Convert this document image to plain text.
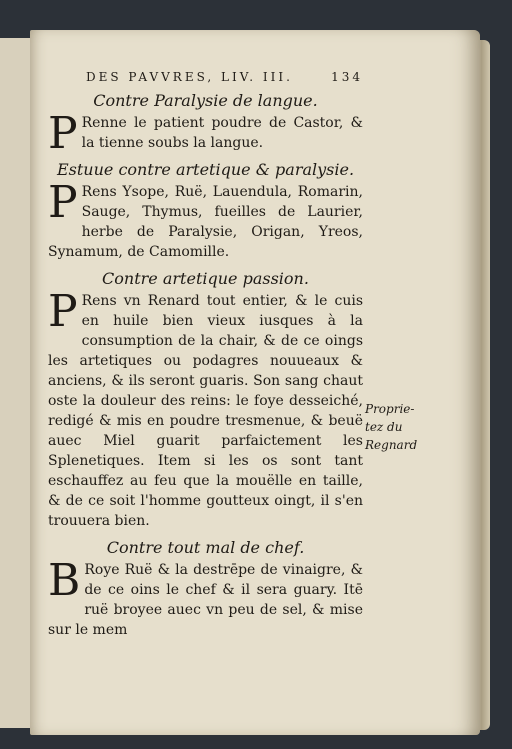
DES PAVVRES, LIV. III.	134
Contre Paralysie de langue.
P Renne le patient poudre de Castor, & la tienne soubs la langue.
Estuue contre artetique & paralysie.
P Rens Ysope, Ruë, Lauendula, Romarin, Sauge, Thymus, fueilles de Laurier, herbe de Paralysie, Origan, Yreos, Synamum, de Camomille.
Contre artetique passion.
P Rens vn Renard tout entier, & le cuis en huile bien vieux iusques à la consumption de la chair, & de ce oings les artetiques ou podagres nouueaux & anciens, & ils seront guaris. Son sang chaut oste la douleur des reins: le foye desseiché, redigé & mis en poudre tresmenue, & beuë auec Miel guarit parfaictement les Splenetiques. Item si les os sont tant eschauffez au feu que la mouëlle en taille, & de ce soit l'homme goutteux oingt, il s'en trouuera bien.
Contre tout mal de chef.
B Roye Ruë & la destrēpe de vinaigre, & de ce oins le chef & il sera guary. Itē ruë broyee auec vn peu de sel, & mise sur le mem
Proprie-
tez du
Regnard
